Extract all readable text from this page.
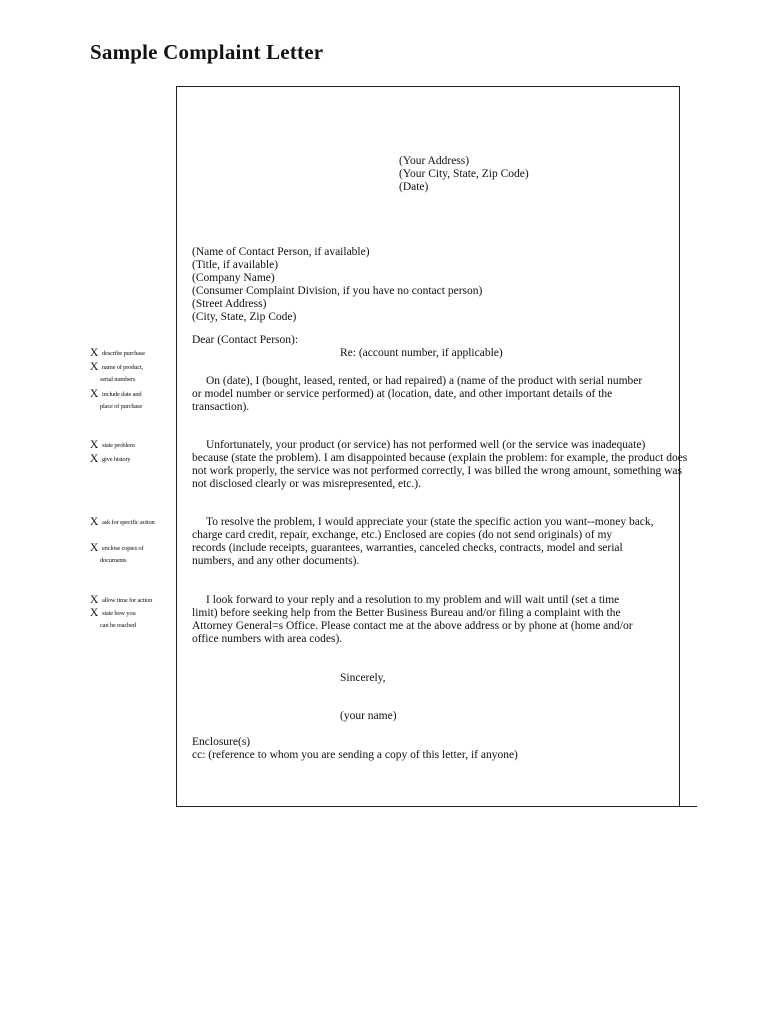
Sample Complaint Letter
(Your Address)
(Your City, State, Zip Code)
(Date)
(Name of Contact Person, if available)
(Title, if available)
(Company Name)
(Consumer Complaint Division, if you have no contact person)
(Street Address)
(City, State, Zip Code)
Dear (Contact Person):
Re: (account number, if applicable)
On (date), I (bought, leased, rented, or had repaired) a (name of the product with serial number
or model number or service performed) at (location, date, and other important details of the
transaction).
Unfortunately, your product (or service) has not performed well (or the service was inadequate)
because (state the problem). I am disappointed because (explain the problem: for example, the product does
not work properly, the service was not performed correctly, I was billed the wrong amount, something was
not disclosed clearly or was misrepresented, etc.).
To resolve the problem, I would appreciate your (state the specific action you want--money back,
charge card credit, repair, exchange, etc.) Enclosed are copies (do not send originals) of my
records (include receipts, guarantees, warranties, canceled checks, contracts, model and serial
numbers, and any other documents).
I look forward to your reply and a resolution to my problem and will wait until (set a time
limit) before seeking help from the Better Business Bureau and/or filing a complaint with the
Attorney General=s Office. Please contact me at the above address or by phone at (home and/or
office numbers with area codes).
Sincerely,
(your name)
Enclosure(s)
cc: (reference to whom you are sending a copy of this letter, if anyone)
Xdescribe purchase
Xname of product,
serial numbers
Xinclude date and
place of purchase
Xstate problem
Xgive history
Xask for specific action
Xenclose copies of
documents
Xallow time for action
Xstate how you
can be reached
